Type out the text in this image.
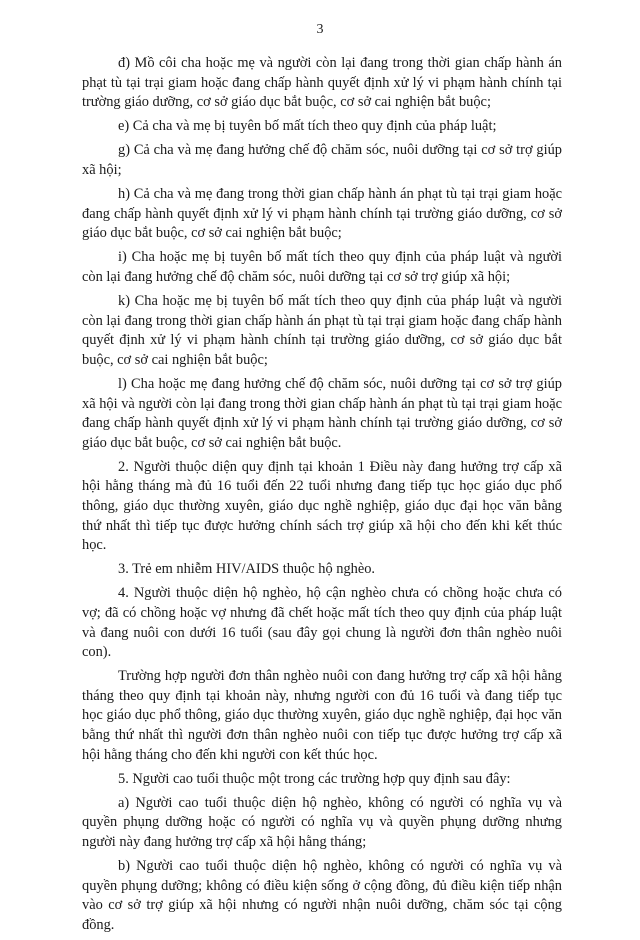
3

đ) Mồ côi cha hoặc mẹ và người còn lại đang trong thời gian chấp hành án phạt tù tại trại giam hoặc đang chấp hành quyết định xử lý vi phạm hành chính tại trường giáo dưỡng, cơ sở giáo dục bắt buộc, cơ sở cai nghiện bắt buộc;

e) Cả cha và mẹ bị tuyên bố mất tích theo quy định của pháp luật;

g) Cả cha và mẹ đang hưởng chế độ chăm sóc, nuôi dưỡng tại cơ sở trợ giúp xã hội;

h) Cả cha và mẹ đang trong thời gian chấp hành án phạt tù tại trại giam hoặc đang chấp hành quyết định xử lý vi phạm hành chính tại trường giáo dưỡng, cơ sở giáo dục bắt buộc, cơ sở cai nghiện bắt buộc;

i) Cha hoặc mẹ bị tuyên bố mất tích theo quy định của pháp luật và người còn lại đang hưởng chế độ chăm sóc, nuôi dưỡng tại cơ sở trợ giúp xã hội;

k) Cha hoặc mẹ bị tuyên bố mất tích theo quy định của pháp luật và người còn lại đang trong thời gian chấp hành án phạt tù tại trại giam hoặc đang chấp hành quyết định xử lý vi phạm hành chính tại trường giáo dưỡng, cơ sở giáo dục bắt buộc, cơ sở cai nghiện bắt buộc;

l) Cha hoặc mẹ đang hưởng chế độ chăm sóc, nuôi dưỡng tại cơ sở trợ giúp xã hội và người còn lại đang trong thời gian chấp hành án phạt tù tại trại giam hoặc đang chấp hành quyết định xử lý vi phạm hành chính tại trường giáo dưỡng, cơ sở giáo dục bắt buộc, cơ sở cai nghiện bắt buộc.

2. Người thuộc diện quy định tại khoản 1 Điều này đang hưởng trợ cấp xã hội hằng tháng mà đủ 16 tuổi đến 22 tuổi nhưng đang tiếp tục học giáo dục phổ thông, giáo dục thường xuyên, giáo dục nghề nghiệp, giáo dục đại học văn bằng thứ nhất thì tiếp tục được hưởng chính sách trợ giúp xã hội cho đến khi kết thúc học.

3. Trẻ em nhiễm HIV/AIDS thuộc hộ nghèo.

4. Người thuộc diện hộ nghèo, hộ cận nghèo chưa có chồng hoặc chưa có vợ; đã có chồng hoặc vợ nhưng đã chết hoặc mất tích theo quy định của pháp luật và đang nuôi con dưới 16 tuổi (sau đây gọi chung là người đơn thân nghèo nuôi con).

Trường hợp người đơn thân nghèo nuôi con đang hưởng trợ cấp xã hội hằng tháng theo quy định tại khoản này, nhưng người con đủ 16 tuổi và đang tiếp tục học giáo dục phổ thông, giáo dục thường xuyên, giáo dục nghề nghiệp, đại học văn bằng thứ nhất thì người đơn thân nghèo nuôi con tiếp tục được hưởng trợ cấp xã hội hằng tháng cho đến khi người con kết thúc học.

5. Người cao tuổi thuộc một trong các trường hợp quy định sau đây:

a) Người cao tuổi thuộc diện hộ nghèo, không có người có nghĩa vụ và quyền phụng dưỡng hoặc có người có nghĩa vụ và quyền phụng dưỡng nhưng người này đang hưởng trợ cấp xã hội hằng tháng;

b) Người cao tuổi thuộc diện hộ nghèo, không có người có nghĩa vụ và quyền phụng dưỡng; không có điều kiện sống ở cộng đồng, đủ điều kiện tiếp nhận vào cơ sở trợ giúp xã hội nhưng có người nhận nuôi dưỡng, chăm sóc tại cộng đồng.
